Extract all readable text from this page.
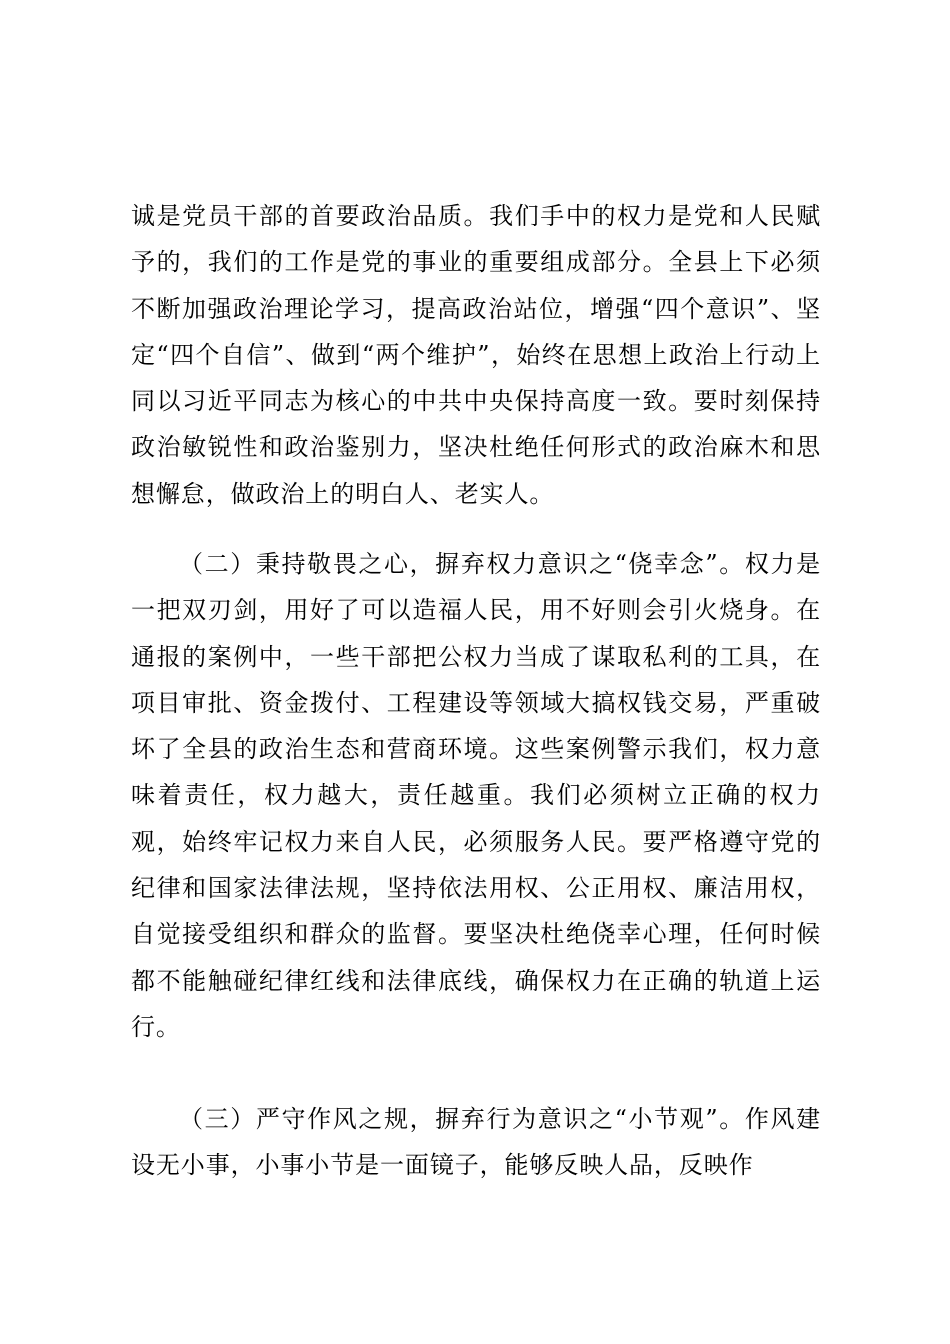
诚是党员干部的首要政治品质。我们手中的权力是党和人民赋予的，我们的工作是党的事业的重要组成部分。全县上下必须不断加强政治理论学习，提高政治站位，增强“四个意识”、坚定“四个自信”、做到“两个维护”，始终在思想上政治上行动上同以习近平同志为核心的中共中央保持高度一致。要时刻保持政治敏锐性和政治鉴别力，坚决杜绝任何形式的政治麻木和思想懈怠，做政治上的明白人、老实人。

（二）秉持敬畏之心，摒弃权力意识之“侥幸念”。权力是一把双刃剑，用好了可以造福人民，用不好则会引火烧身。在通报的案例中，一些干部把公权力当成了谋取私利的工具，在项目审批、资金拨付、工程建设等领域大搞权钱交易，严重破坏了全县的政治生态和营商环境。这些案例警示我们，权力意味着责任，权力越大，责任越重。我们必须树立正确的权力观，始终牢记权力来自人民，必须服务人民。要严格遵守党的纪律和国家法律法规，坚持依法用权、公正用权、廉洁用权，自觉接受组织和群众的监督。要坚决杜绝侥幸心理，任何时候都不能触碰纪律红线和法律底线，确保权力在正确的轨道上运行。

（三）严守作风之规，摒弃行为意识之“小节观”。作风建设无小事，小事小节是一面镜子，能够反映人品，反映作
